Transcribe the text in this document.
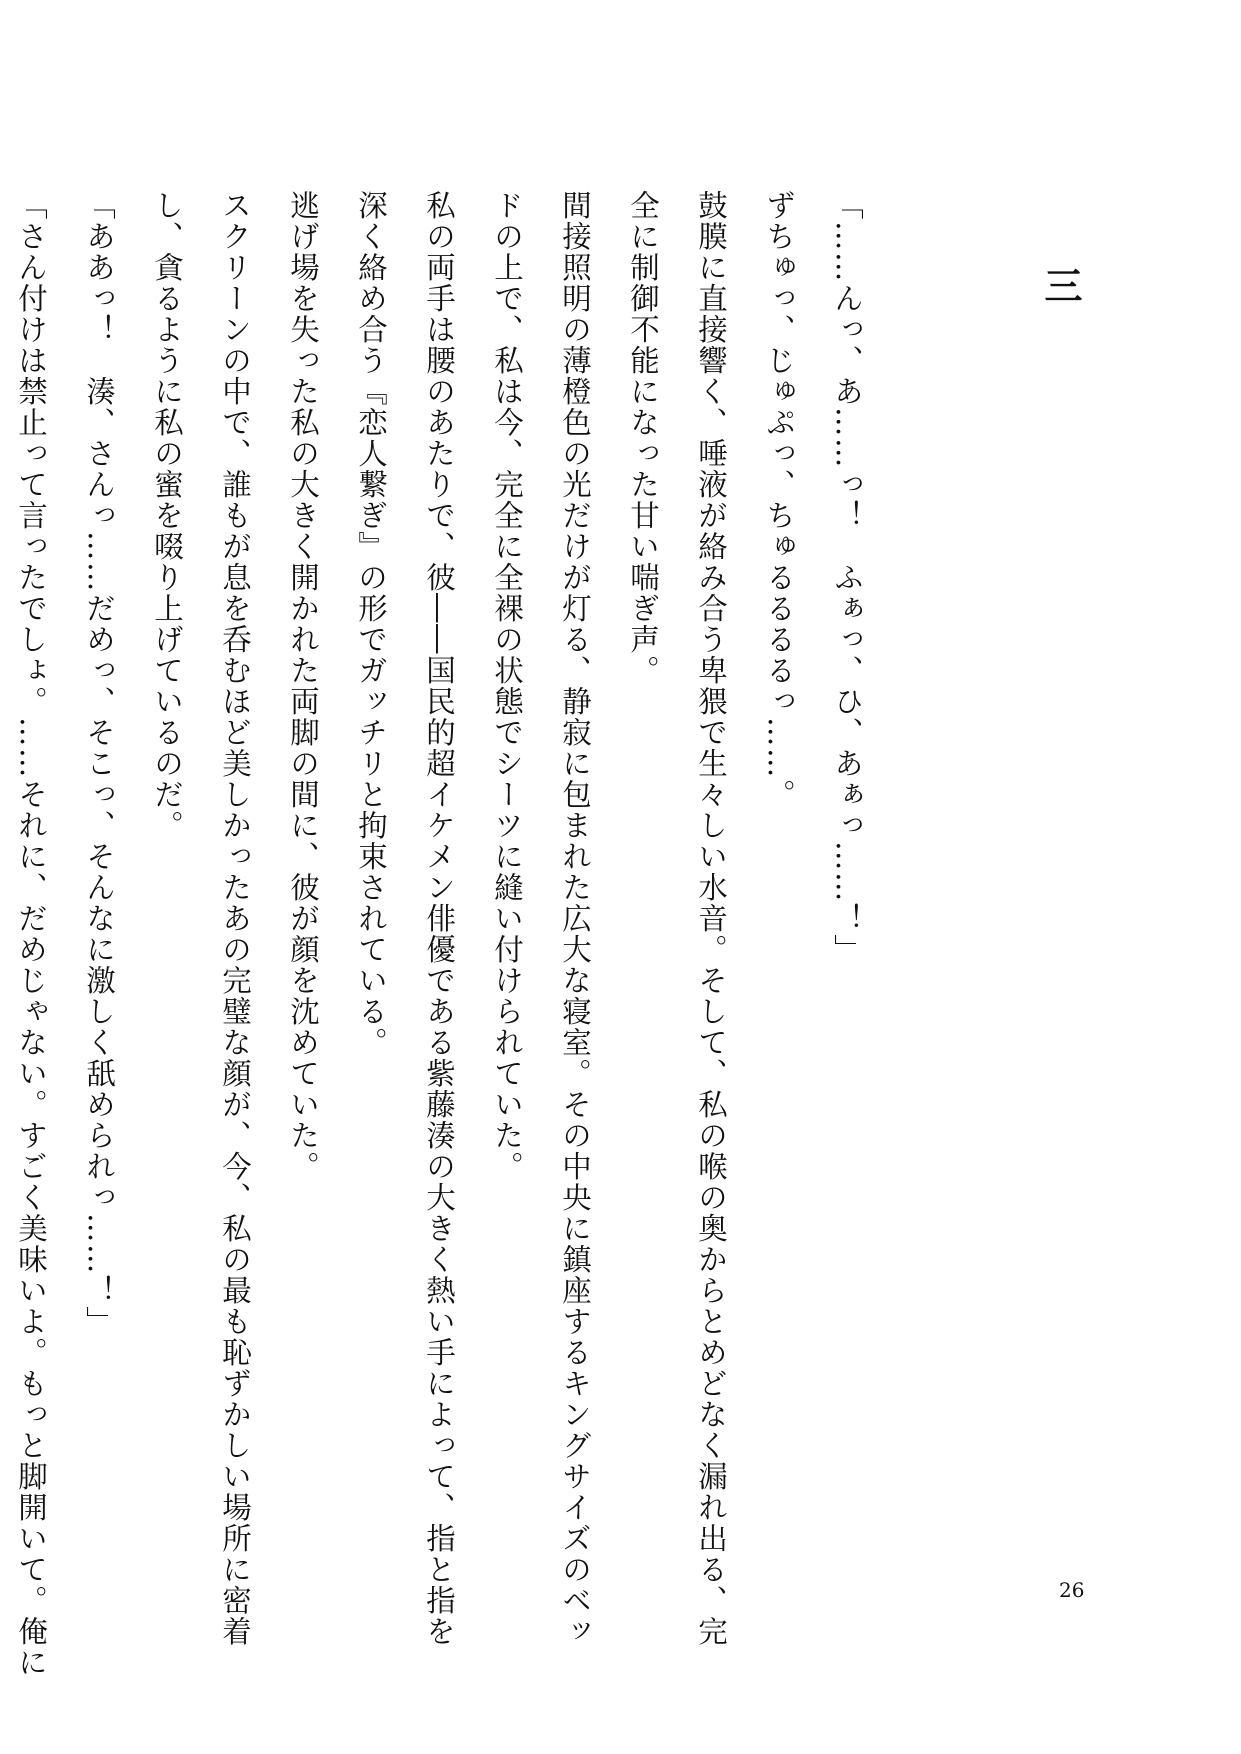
三

「……んっ、あ……っ！　ふぁっ、ひ、あぁっ……！」

ずちゅっ、じゅぷっ、ちゅるるるるっ……。

鼓膜に直接響く、唾液が絡み合う卑猥で生々しい水音。そして、私の喉の奥からとめどなく漏れ出る、完

全に制御不能になった甘い喘ぎ声。

間接照明の薄橙色の光だけが灯る、静寂に包まれた広大な寝室。その中央に鎮座するキングサイズのベッ

ドの上で、私は今、完全に全裸の状態でシーツに縫い付けられていた。

私の両手は腰のあたりで、彼――国民的超イケメン俳優である紫藤湊の大きく熱い手によって、指と指を

深く絡め合う『恋人繋ぎ』の形でガッチリと拘束されている。

逃げ場を失った私の大きく開かれた両脚の間に、彼が顔を沈めていた。

スクリーンの中で、誰もが息を呑むほど美しかったあの完璧な顔が、今、私の最も恥ずかしい場所に密着

し、貪るように私の蜜を啜り上げているのだ。

「ああっ！　湊、さんっ……だめっ、そこっ、そんなに激しく舐められっ……！」

「さん付けは禁止って言ったでしょ。……それに、だめじゃない。すごく美味いよ。もっと脚開いて。俺に	26
